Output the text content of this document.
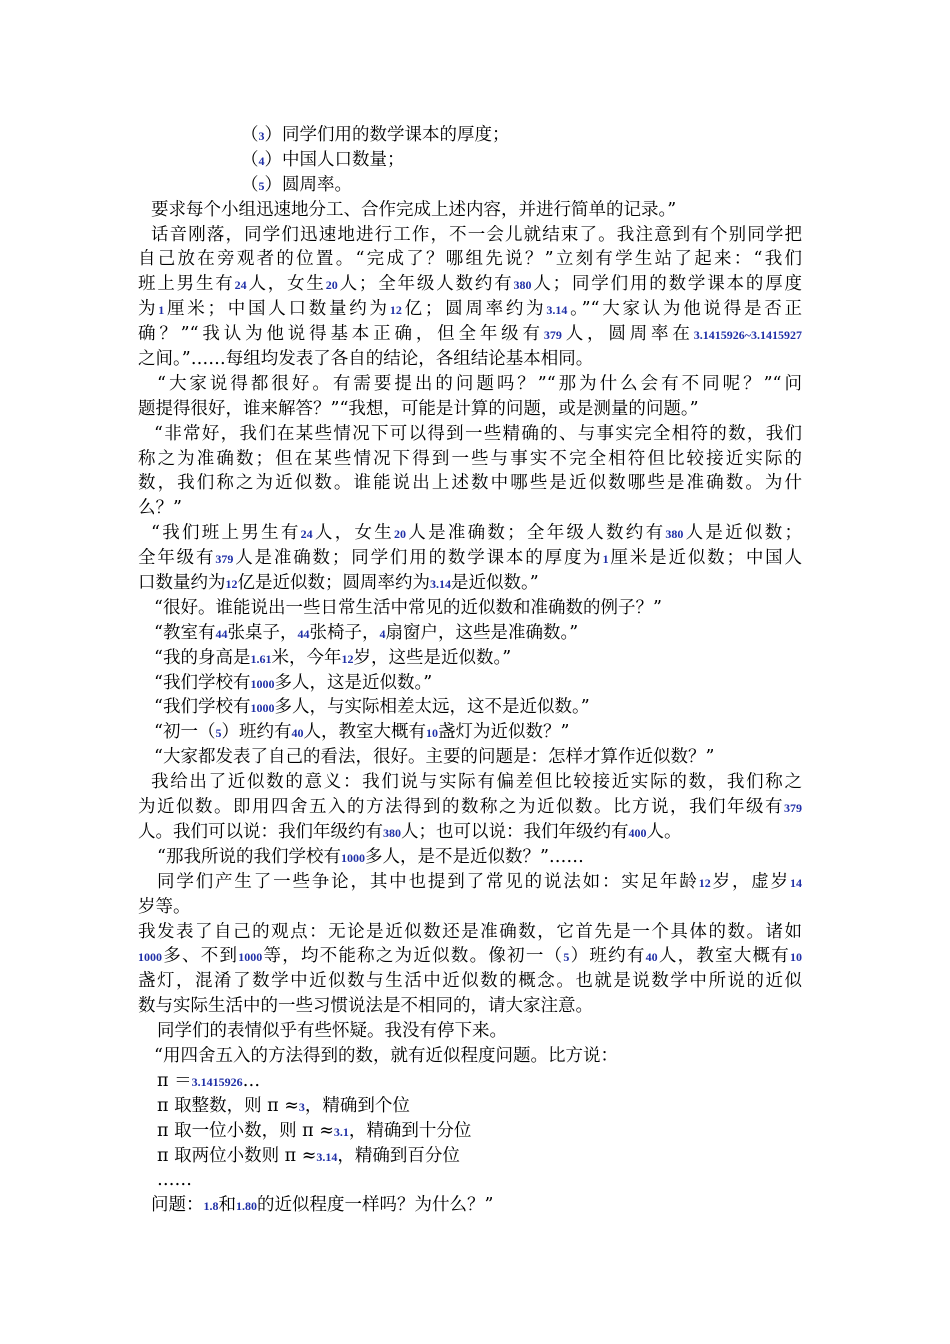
（3）同学们用的数学课本的厚度；
（4）中国人口数量；
（5）圆周率。
要求每个小组迅速地分工、合作完成上述内容，并进行简单的记录。”
话音刚落，同学们迅速地进行工作，不一会儿就结束了。我注意到有个别同学把
自己放在旁观者的位置。“完成了？哪组先说？”立刻有学生站了起来：“我们
班上男生有24人，女生20人；全年级人数约有380人；同学们用的数学课本的厚度
为1厘米；中国人口数量约为12亿；圆周率约为3.14。”“大家认为他说得是否正
确？”“我认为他说得基本正确，但全年级有379人，圆周率在3.1415926~3.1415927
之间。”……每组均发表了各自的结论，各组结论基本相同。
“大家说得都很好。有需要提出的问题吗？”“那为什么会有不同呢？”“问
题提得很好，谁来解答？”“我想，可能是计算的问题，或是测量的问题。”
“非常好，我们在某些情况下可以得到一些精确的、与事实完全相符的数，我们
称之为准确数；但在某些情况下得到一些与事实不完全相符但比较接近实际的
数，我们称之为近似数。谁能说出上述数中哪些是近似数哪些是准确数。为什
么？”
“我们班上男生有24人，女生20人是准确数；全年级人数约有380人是近似数；
全年级有379人是准确数；同学们用的数学课本的厚度为1厘米是近似数；中国人
口数量约为12亿是近似数；圆周率约为3.14是近似数。”
“很好。谁能说出一些日常生活中常见的近似数和准确数的例子？”
“教室有44张桌子，44张椅子，4扇窗户，这些是准确数。”
“我的身高是1.61米，今年12岁，这些是近似数。”
“我们学校有1000多人，这是近似数。”
“我们学校有1000多人，与实际相差太远，这不是近似数。”
“初一（5）班约有40人，教室大概有10盏灯为近似数？”
“大家都发表了自己的看法，很好。主要的问题是：怎样才算作近似数？”
我给出了近似数的意义：我们说与实际有偏差但比较接近实际的数，我们称之
为近似数。即用四舍五入的方法得到的数称之为近似数。比方说，我们年级有379
人。我们可以说：我们年级约有380人；也可以说：我们年级约有400人。
“那我所说的我们学校有1000多人，是不是近似数？”……
同学们产生了一些争论，其中也提到了常见的说法如：实足年龄12岁，虚岁14
岁等。
我发表了自己的观点：无论是近似数还是准确数，它首先是一个具体的数。诸如
1000多、不到1000等，均不能称之为近似数。像初一（5）班约有40人，教室大概有10
盏灯，混淆了数学中近似数与生活中近似数的概念。也就是说数学中所说的近似
数与实际生活中的一些习惯说法是不相同的，请大家注意。
同学们的表情似乎有些怀疑。我没有停下来。
“用四舍五入的方法得到的数，就有近似程度问题。比方说：
π ＝3.1415926…
π 取整数，则 π ≈3，精确到个位
π 取一位小数，则 π ≈3.1，精确到十分位
π 取两位小数则 π ≈3.14，精确到百分位
……
问题：1.8和1.80的近似程度一样吗？为什么？”
